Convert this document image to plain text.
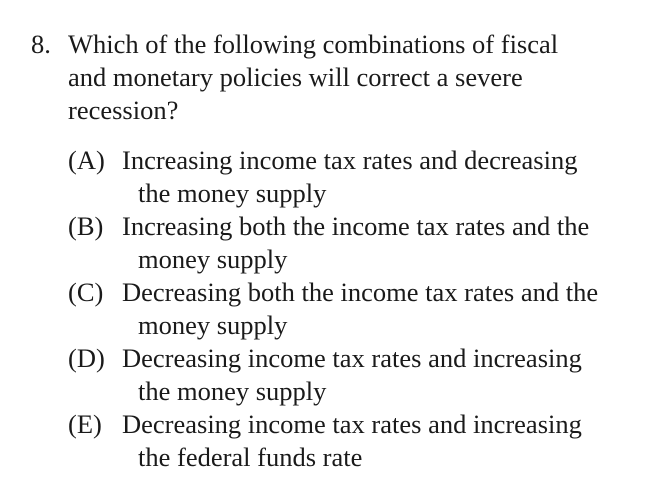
8. Which of the following combinations of fiscal
and monetary policies will correct a severe
recession?
(A) Increasing income tax rates and decreasing
the money supply
(B) Increasing both the income tax rates and the
money supply
(C) Decreasing both the income tax rates and the
money supply
(D) Decreasing income tax rates and increasing
the money supply
(E) Decreasing income tax rates and increasing
the federal funds rate
